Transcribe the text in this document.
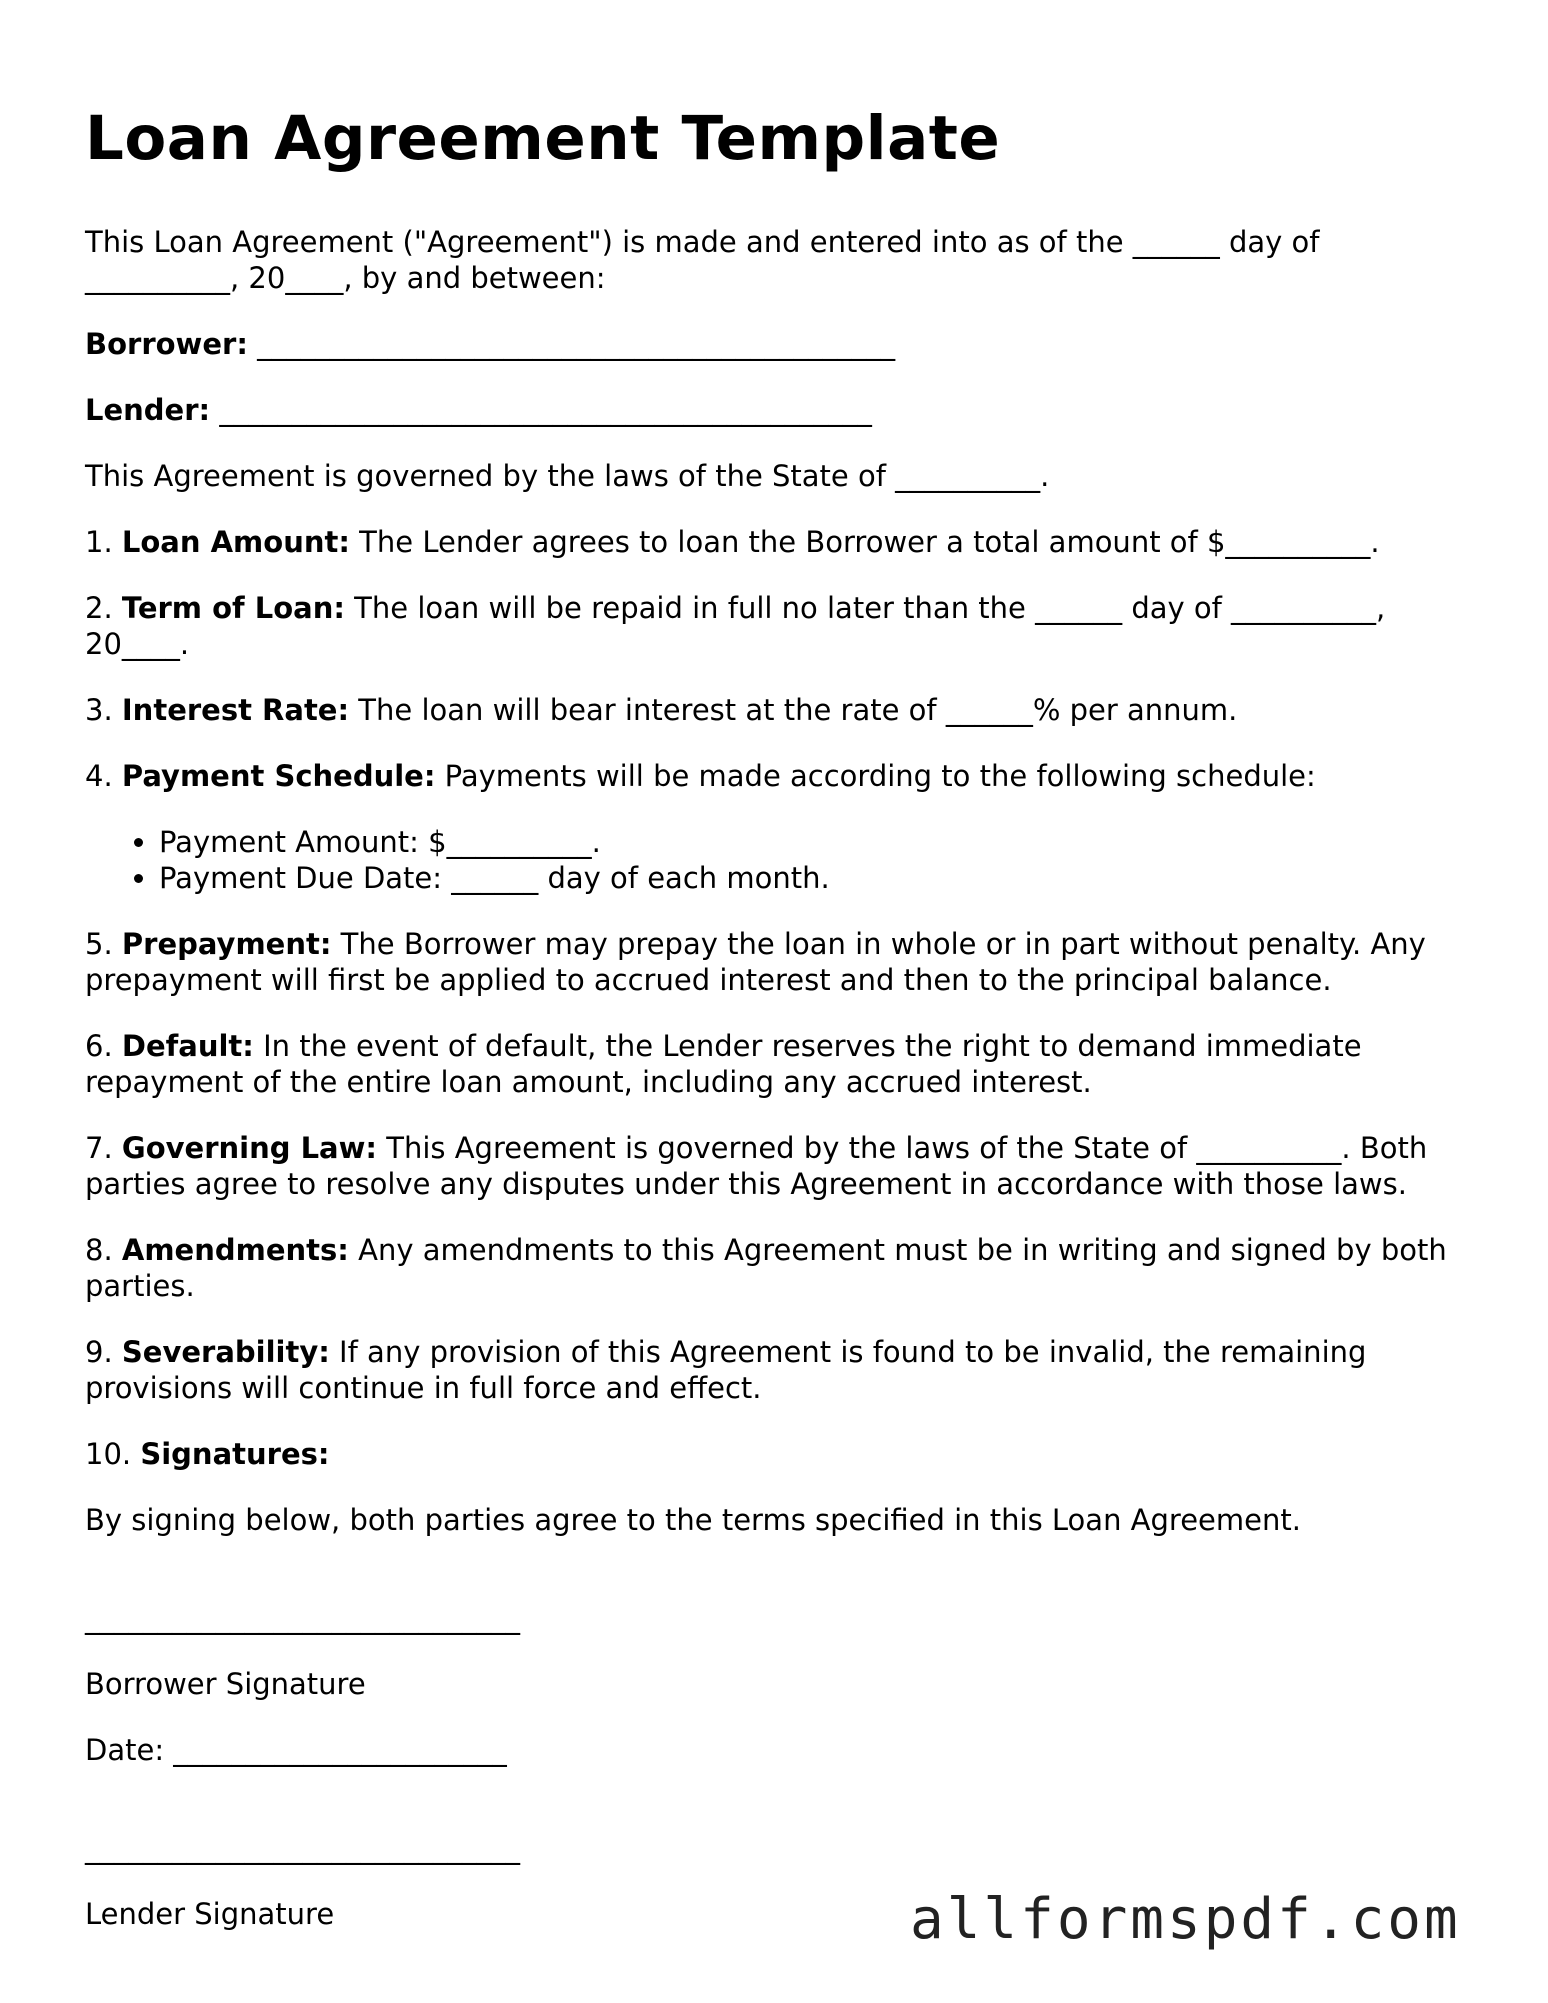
Loan Agreement Template

This Loan Agreement ("Agreement") is made and entered into as of the ______ day of __________, 20____, by and between:

Borrower: ____________________________________________

Lender: _____________________________________________

This Agreement is governed by the laws of the State of __________.

1. Loan Amount: The Lender agrees to loan the Borrower a total amount of $__________.

2. Term of Loan: The loan will be repaid in full no later than the ______ day of __________, 20____.

3. Interest Rate: The loan will bear interest at the rate of ______% per annum.

4. Payment Schedule: Payments will be made according to the following schedule:

• Payment Amount: $__________.
• Payment Due Date: ______ day of each month.

5. Prepayment: The Borrower may prepay the loan in whole or in part without penalty. Any prepayment will first be applied to accrued interest and then to the principal balance.

6. Default: In the event of default, the Lender reserves the right to demand immediate repayment of the entire loan amount, including any accrued interest.

7. Governing Law: This Agreement is governed by the laws of the State of __________. Both parties agree to resolve any disputes under this Agreement in accordance with those laws.

8. Amendments: Any amendments to this Agreement must be in writing and signed by both parties.

9. Severability: If any provision of this Agreement is found to be invalid, the remaining provisions will continue in full force and effect.

10. Signatures:

By signing below, both parties agree to the terms specified in this Loan Agreement.

______________________________

Borrower Signature

Date: _______________________

______________________________

Lender Signature	allformspdf.com
